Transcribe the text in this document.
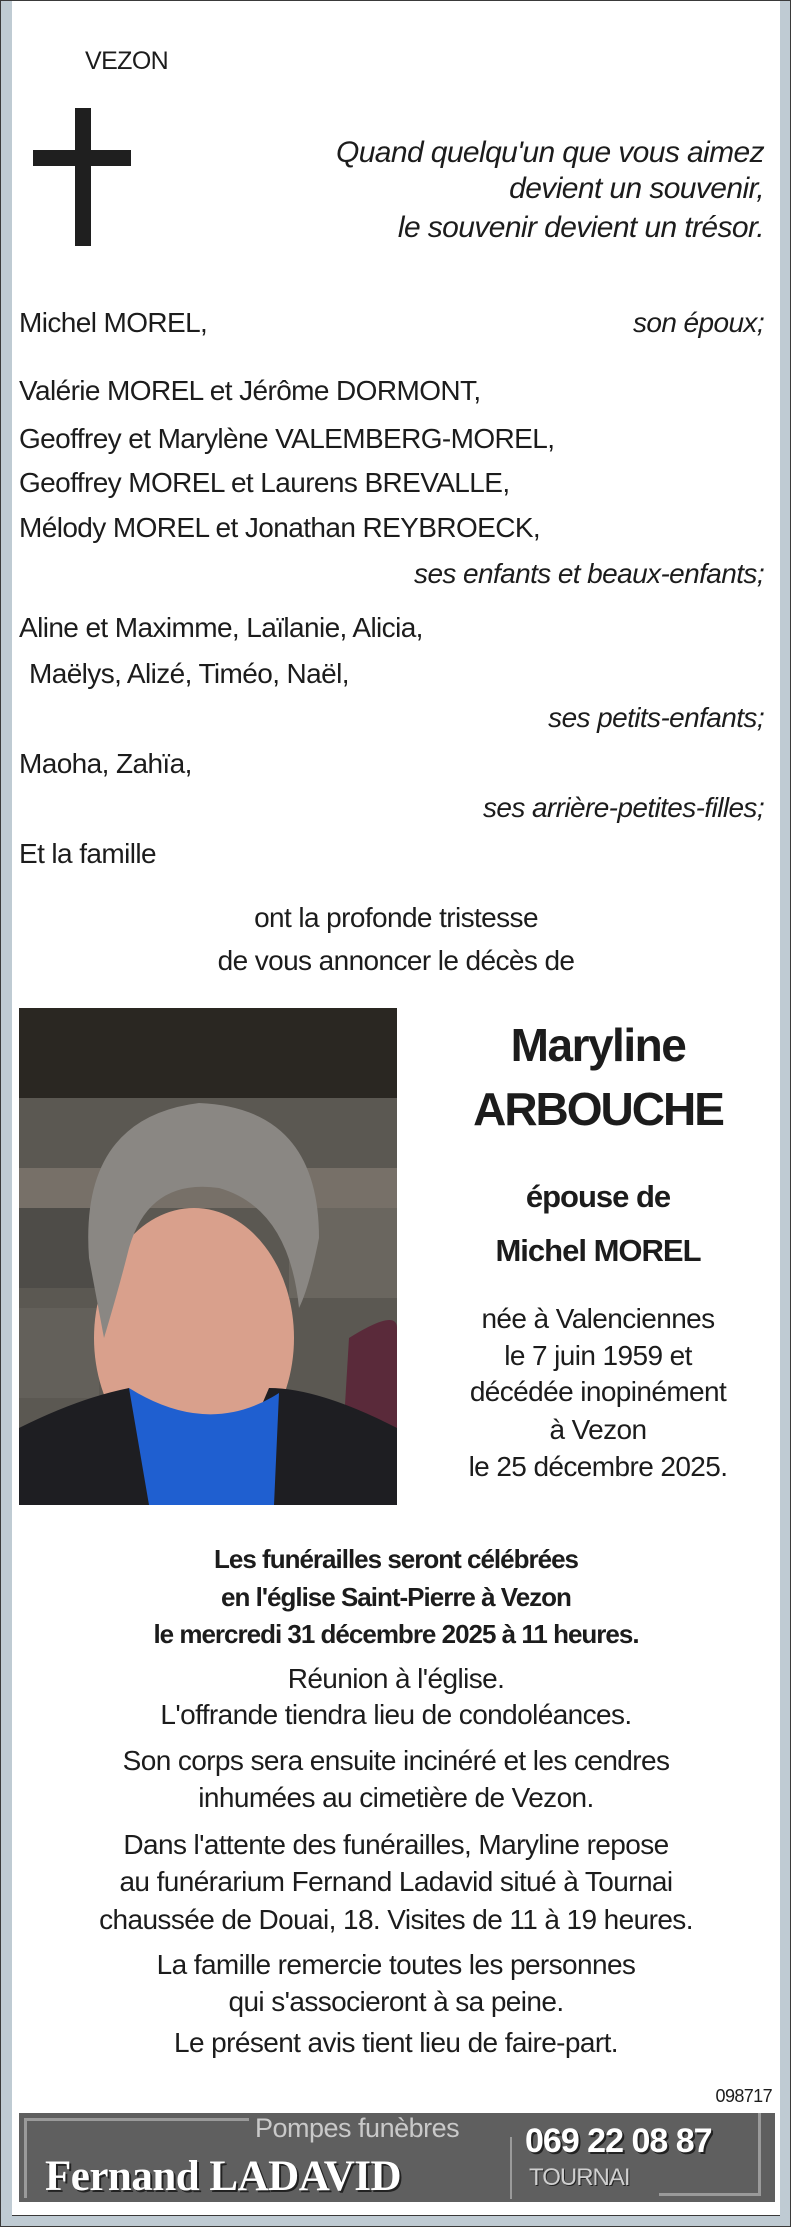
VEZON
Quand quelqu'un que vous aimez
devient un souvenir,
le souvenir devient un trésor.
Michel MOREL,	son époux;
Valérie MOREL et Jérôme DORMONT,
Geoffrey et Marylène VALEMBERG-MOREL,
Geoffrey MOREL et Laurens BREVALLE,
Mélody MOREL et Jonathan REYBROECK,
ses enfants et beaux-enfants;
Aline et Maximme, Laïlanie, Alicia,
Maëlys, Alizé, Timéo, Naël,
ses petits-enfants;
Maoha, Zahïa,
ses arrière-petites-filles;
Et la famille
ont la profonde tristesse
de vous annoncer le décès de
Maryline
ARBOUCHE
épouse de
Michel MOREL
née à Valenciennes
le 7 juin 1959 et
décédée inopinément
à Vezon
le 25 décembre 2025.
Les funérailles seront célébrées
en l'église Saint-Pierre à Vezon
le mercredi 31 décembre 2025 à 11 heures.
Réunion à l'église.
L'offrande tiendra lieu de condoléances.
Son corps sera ensuite incinéré et les cendres
inhumées au cimetière de Vezon.
Dans l'attente des funérailles, Maryline repose
au funérarium Fernand Ladavid situé à Tournai
chaussée de Douai, 18. Visites de 11 à 19 heures.
La famille remercie toutes les personnes
qui s'associeront à sa peine.
Le présent avis tient lieu de faire-part.
098717
Pompes funèbres
Fernand LADAVID
069 22 08 87
TOURNAI
